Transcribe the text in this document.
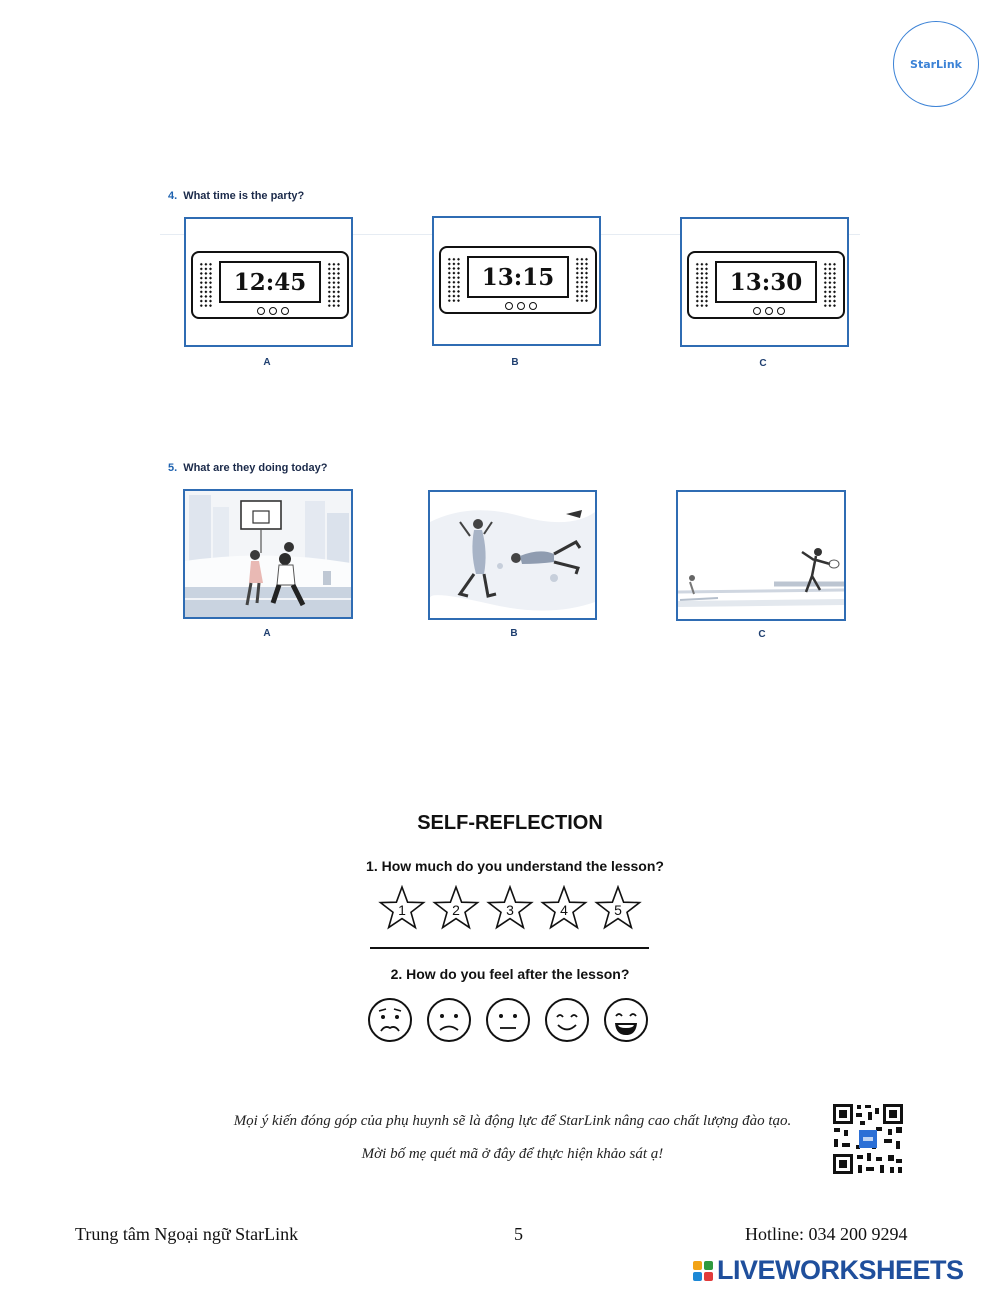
StarLink
4. What time is the party?
12:45
A
13:15
B
13:30
C
5. What are they doing today?
A	B	C
SELF-REFLECTION
1. How much do you understand the lesson?
1	2	3	4	5
2. How do you feel after the lesson?
Mọi ý kiến đóng góp của phụ huynh sẽ là động lực để StarLink nâng cao chất lượng đào tạo.
Mời bố mẹ quét mã ở đây để thực hiện khảo sát ạ!
Trung tâm Ngoại ngữ StarLink	5	Hotline: 034 200 9294
LIVEWORKSHEETS
